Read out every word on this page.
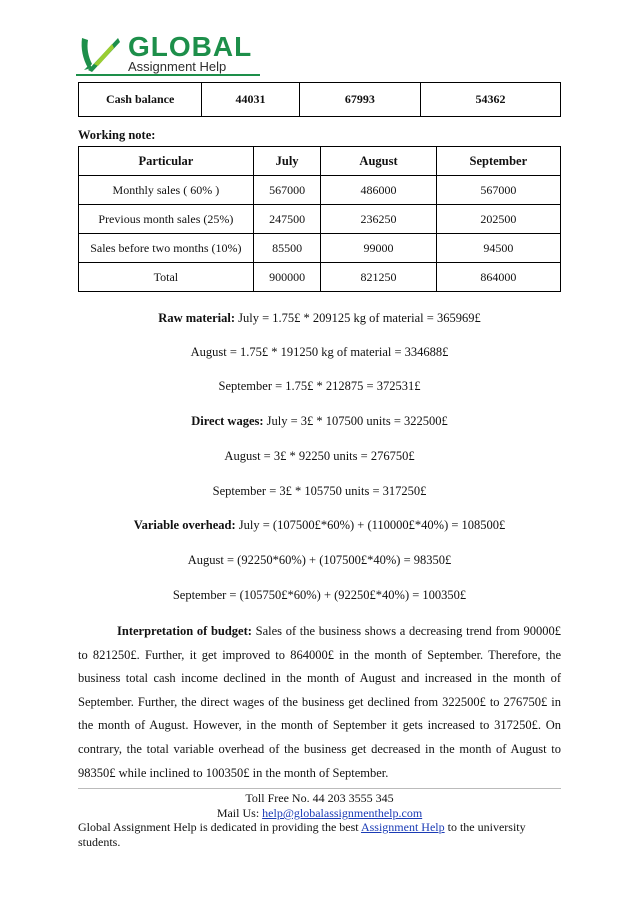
GLOBAL
Assignment Help
Cash balance	44031	67993	54362
Working note:
Particular	July	August	September
Monthly sales ( 60% )	567000	486000	567000
Previous month sales (25%)	247500	236250	202500
Sales before two months (10%)	85500	99000	94500
Total	900000	821250	864000
Raw material: July = 1.75£ * 209125 kg of material = 365969£
August = 1.75£ * 191250 kg of material = 334688£
September = 1.75£ * 212875 = 372531£
Direct wages: July = 3£ * 107500 units = 322500£
August = 3£ * 92250 units = 276750£
September = 3£ * 105750 units = 317250£
Variable overhead: July = (107500£*60%) + (110000£*40%) = 108500£
August = (92250*60%) + (107500£*40%) = 98350£
September = (105750£*60%) + (92250£*40%) = 100350£
Interpretation of budget: Sales of the business shows a decreasing trend from 90000£ to 821250£. Further, it get improved to 864000£ in the month of September. Therefore, the business total cash income declined in the month of August and increased in the month of September. Further, the direct wages of the business get declined from 322500£ to 276750£ in the month of August. However, in the month of September it gets increased to 317250£. On contrary, the total variable overhead of the business get decreased in the month of August to 98350£ while inclined to 100350£ in the month of September.
Toll Free No. 44 203 3555 345
Mail Us: help@globalassignmenthelp.com
Global Assignment Help is dedicated in providing the best Assignment Help to the university students.
